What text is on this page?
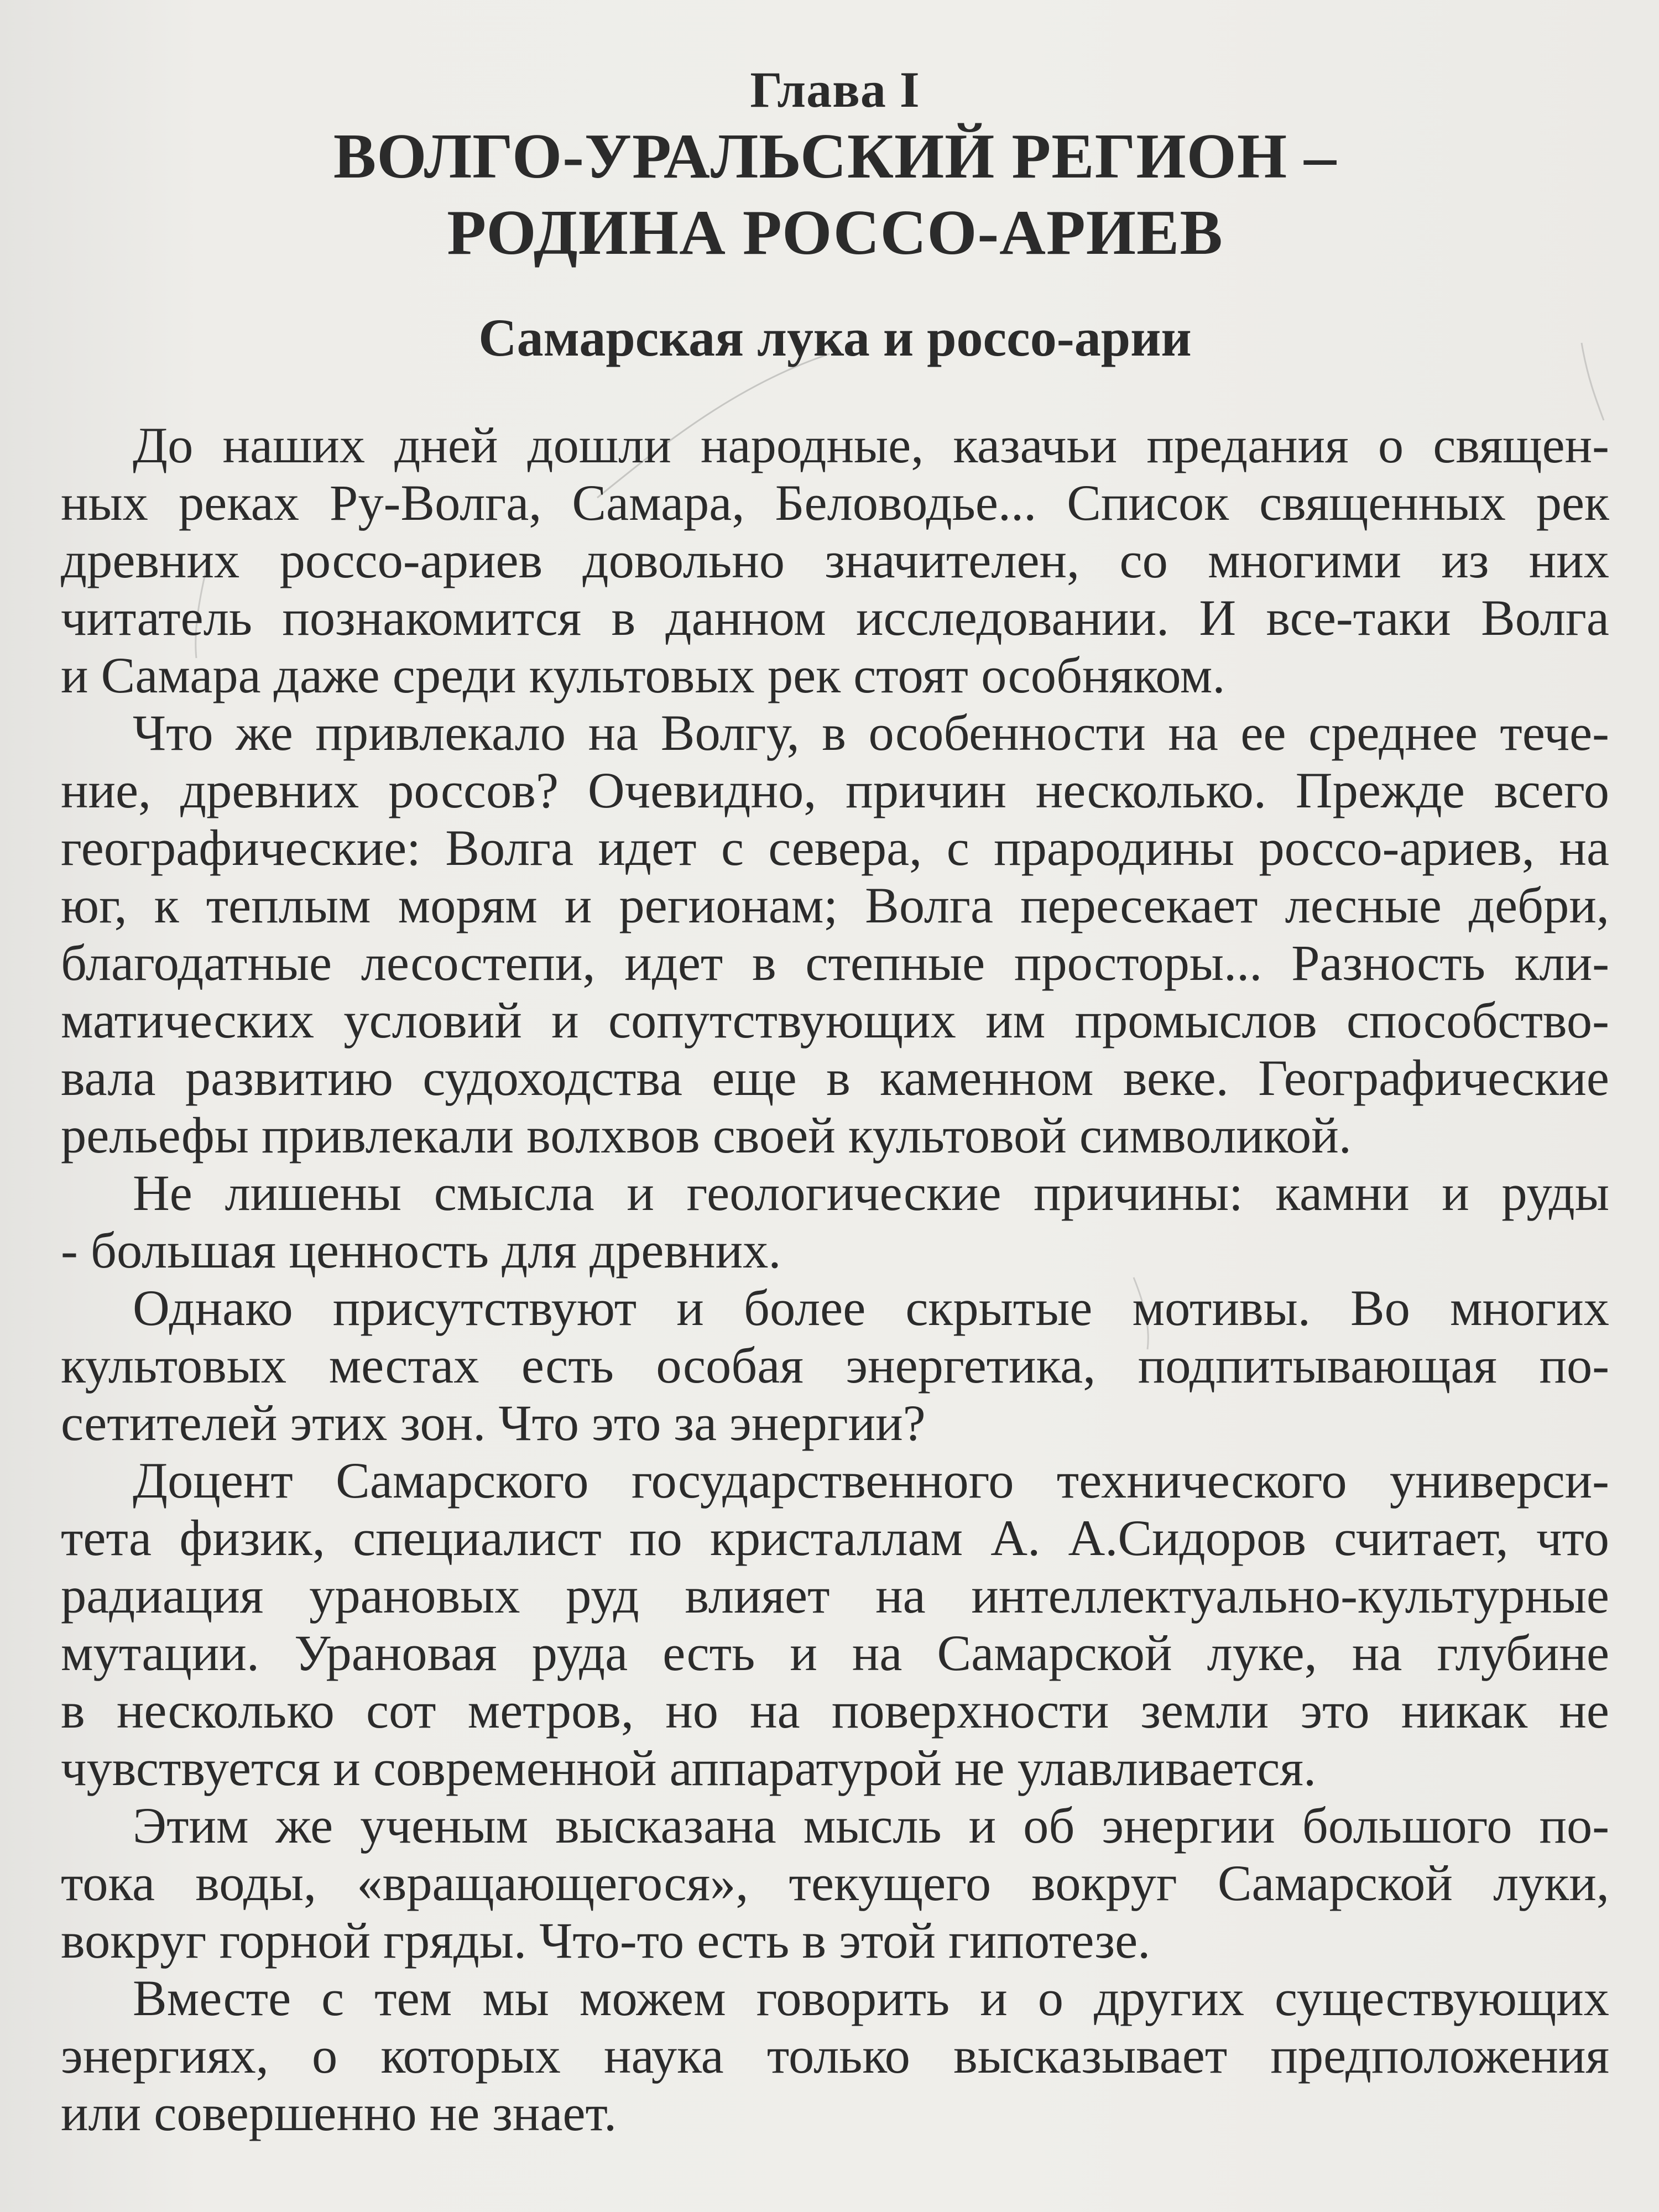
Глава I
ВОЛГО-УРАЛЬСКИЙ РЕГИОН –
РОДИНА РОССО-АРИЕВ
Самарская лука и россо-арии
До наших дней дошли народные, казачьи предания о священ-
ных реках Ру-Волга, Самара, Беловодье... Список священных рек
древних россо-ариев довольно значителен, со многими из них
читатель познакомится в данном исследовании. И все-таки Волга
и Самара даже среди культовых рек стоят особняком.
Что же привлекало на Волгу, в особенности на ее среднее тече-
ние, древних россов? Очевидно, причин несколько. Прежде всего
географические: Волга идет с севера, с прародины россо-ариев, на
юг, к теплым морям и регионам; Волга пересекает лесные дебри,
благодатные лесостепи, идет в степные просторы... Разность кли-
матических условий и сопутствующих им промыслов способство-
вала развитию судоходства еще в каменном веке. Географические
рельефы привлекали волхвов своей культовой символикой.
Не лишены смысла и геологические причины: камни и руды
- большая ценность для древних.
Однако присутствуют и более скрытые мотивы. Во многих
культовых местах есть особая энергетика, подпитывающая по-
сетителей этих зон. Что это за энергии?
Доцент Самарского государственного технического универси-
тета физик, специалист по кристаллам А. А.Сидоров считает, что
радиация урановых руд влияет на интеллектуально-культурные
мутации. Урановая руда есть и на Самарской луке, на глубине
в несколько сот метров, но на поверхности земли это никак не
чувствуется и современной аппаратурой не улавливается.
Этим же ученым высказана мысль и об энергии большого по-
тока воды, «вращающегося», текущего вокруг Самарской луки,
вокруг горной гряды. Что-то есть в этой гипотезе.
Вместе с тем мы можем говорить и о других существующих
энергиях, о которых наука только высказывает предположения
или совершенно не знает.
